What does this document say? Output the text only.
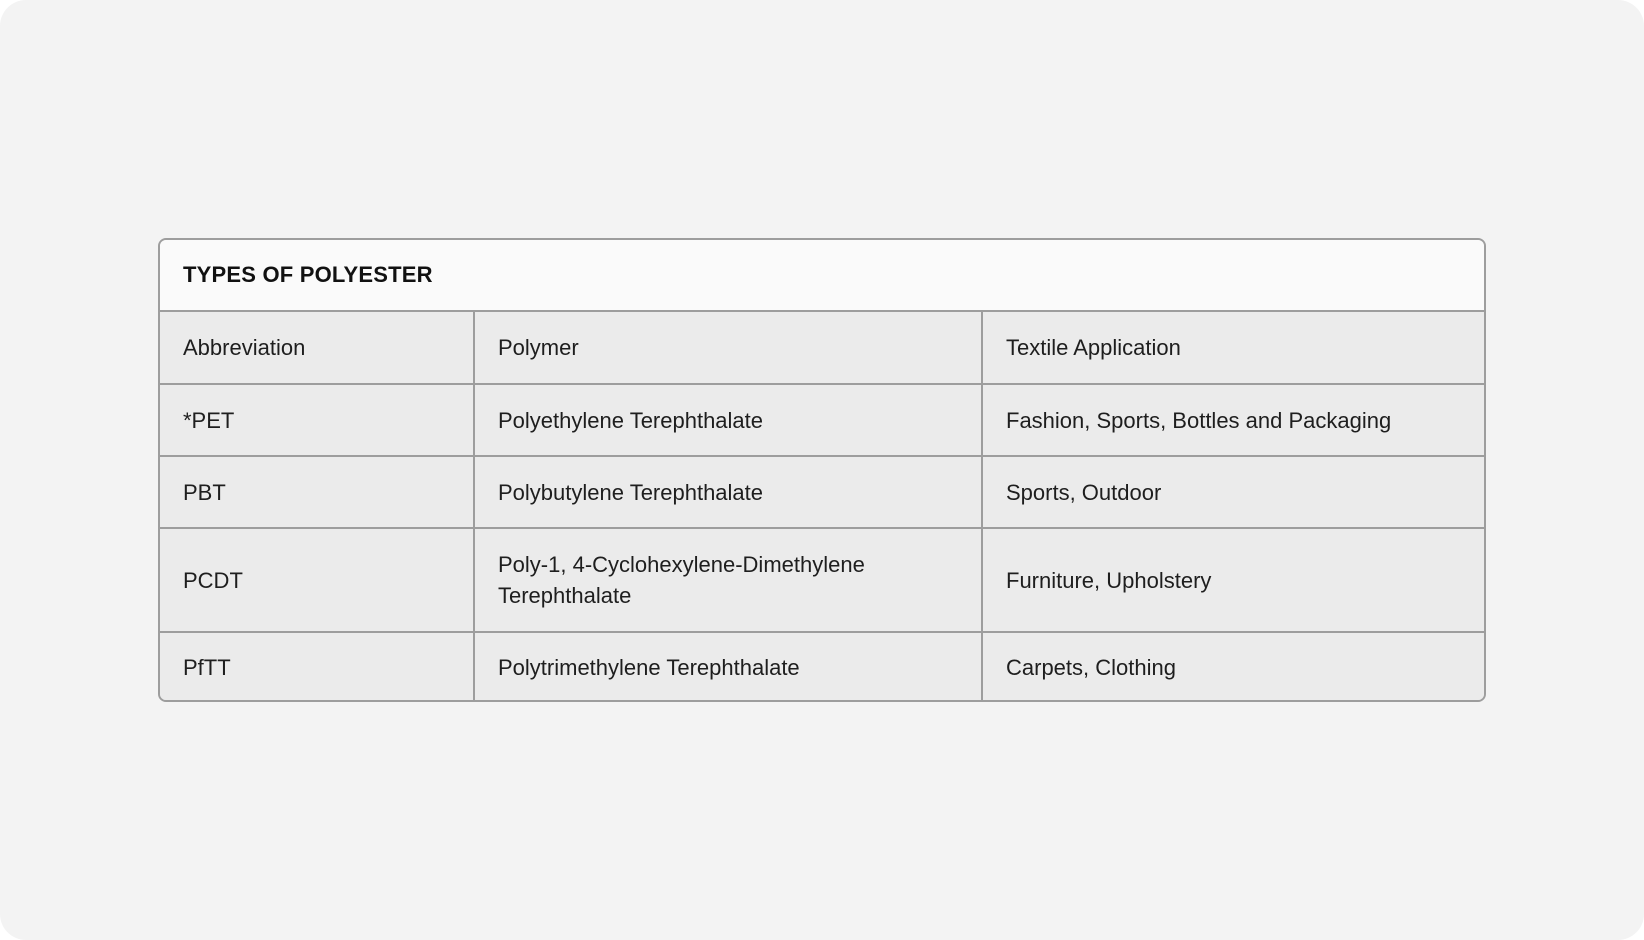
TYPES OF POLYESTER
Abbreviation	Polymer	Textile Application
*PET	Polyethylene Terephthalate	Fashion, Sports, Bottles and Packaging
PBT	Polybutylene Terephthalate	Sports, Outdoor
PCDT	Poly-1, 4-Cyclohexylene-Dimethylene Terephthalate	Furniture, Upholstery
PfTT	Polytrimethylene Terephthalate	Carpets, Clothing
